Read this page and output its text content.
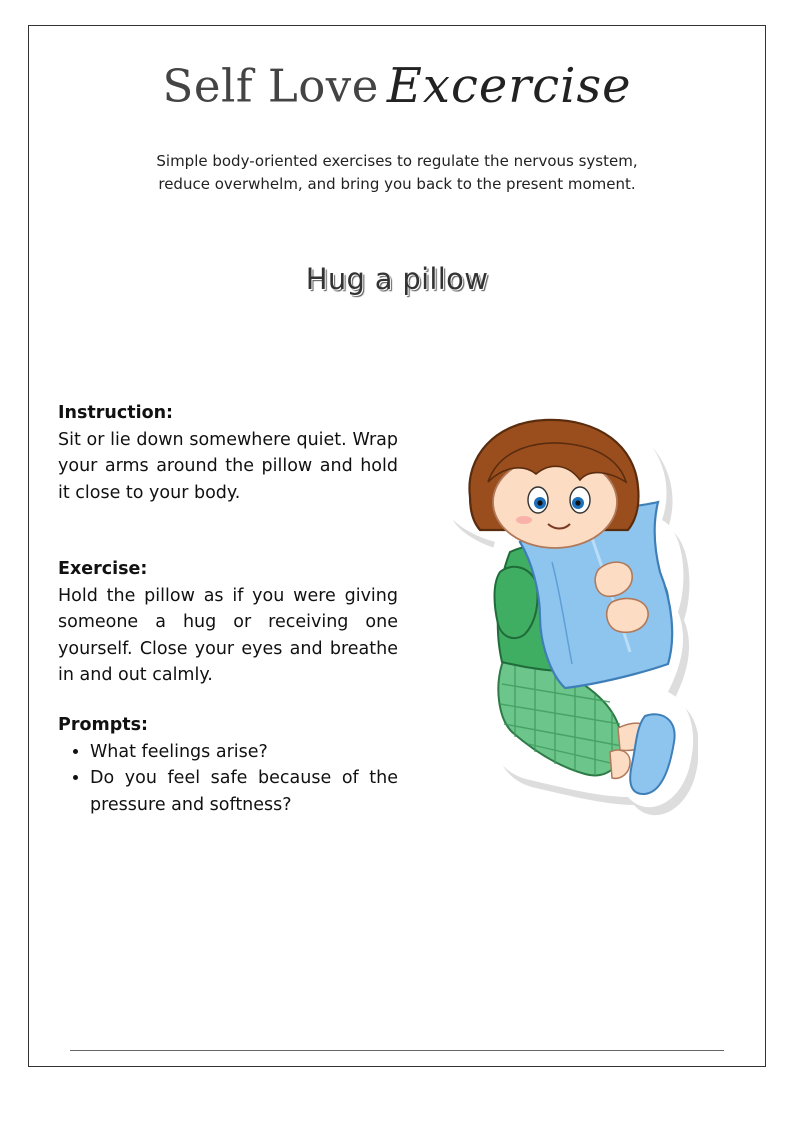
Self Love Excercise
Simple body-oriented exercises to regulate the nervous system,
reduce overwhelm, and bring you back to the present moment.
Hug a pillow
Instruction:
Sit or lie down somewhere quiet. Wrap your arms around the pillow and hold it close to your body.
Exercise:
Hold the pillow as if you were giving someone a hug or receiving one yourself. Close your eyes and breathe in and out calmly.
Prompts:
• What feelings arise?
• Do you feel safe because of the pressure and softness?
